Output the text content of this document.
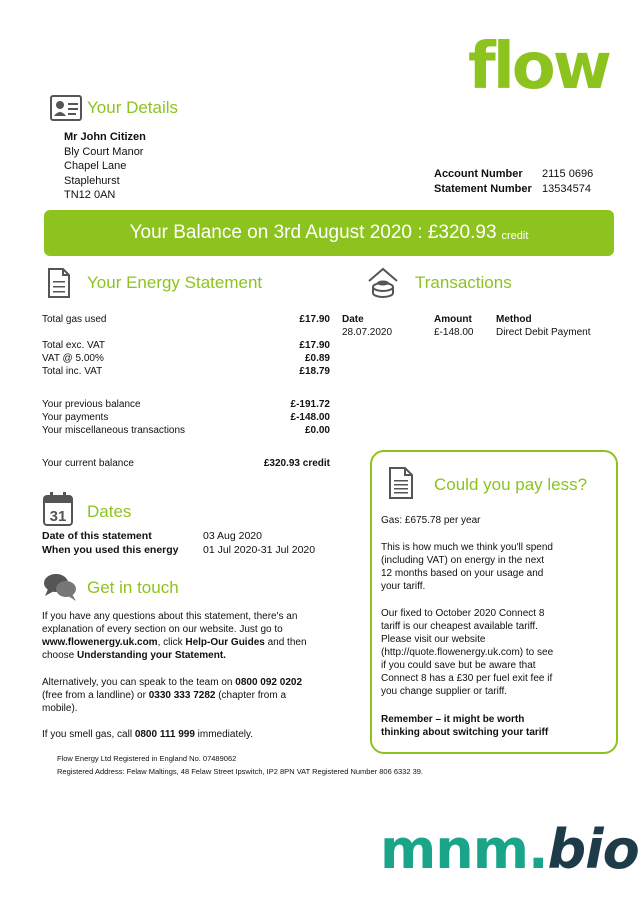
flow
Your Details
Mr John Citizen
Bly Court Manor
Chapel Lane
Staplehurst
TN12 0AN
Account Number 2115 0696
Statement Number 13534574
Your Balance on 3rd August 2020 : £320.93 credit
Your Energy Statement
Total gas used	£17.90
Total exc. VAT	£17.90
VAT @ 5.00%	£0.89
Total inc. VAT	£18.79
Your previous balance	£-191.72
Your payments	£-148.00
Your miscellaneous transactions	£0.00
Your current balance	£320.93 credit
Transactions
Date	Amount Method
28.07.2020	£-148.00 Direct Debit Payment
31 Dates
Date of this statement	03 Aug 2020
When you used this energy 01 Jul 2020-31 Jul 2020
Get in touch
If you have any questions about this statement, there's an
explanation of every section on our website. Just go to
www.flowenergy.uk.com, click Help-Our Guides and then
choose Understanding your Statement.
Alternatively, you can speak to the team on 0800 092 0202
(free from a landline) or 0330 333 7282 (chapter from a
mobile).
If you smell gas, call 0800 111 999 immediately.
Flow Energy Ltd Registered in England No. 07489062
Registered Address: Felaw Maltings, 48 Felaw Street Ipswitch, IP2 8PN VAT Registered Number 806 6332 39.
Could you pay less?
Gas: £675.78 per year
This is how much we think you'll spend
(including VAT) on energy in the next
12 months based on your usage and
your tariff.
Our fixed to October 2020 Connect 8
tariff is our cheapest available tariff.
Please visit our website
(http://quote.flowenergy.uk.com) to see
if you could save but be aware that
Connect 8 has a £30 per fuel exit fee if
you change supplier or tariff.
Remember – it might be worth
thinking about switching your tariff
mnm.bio
